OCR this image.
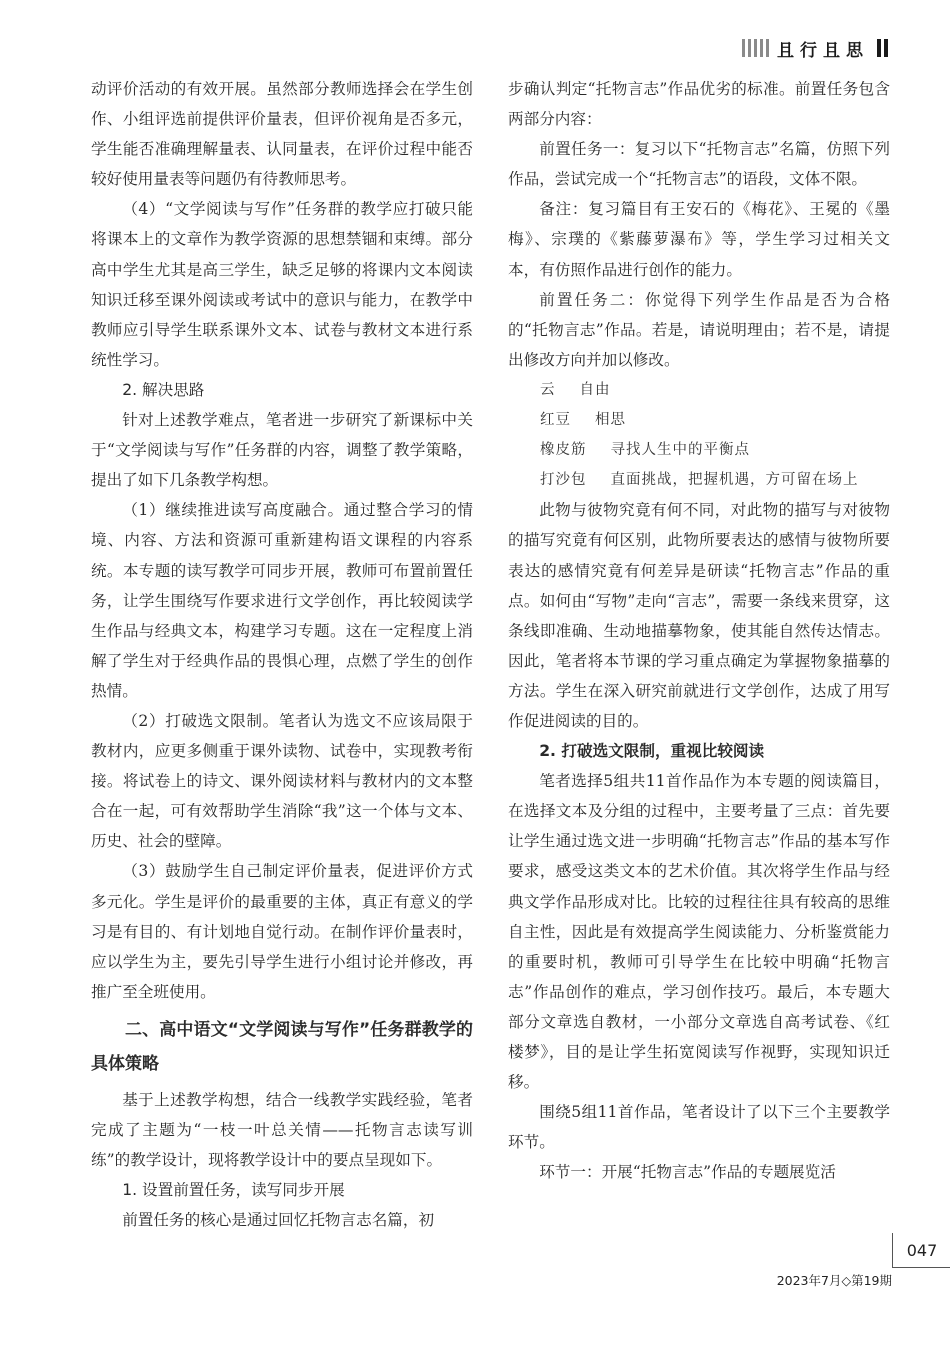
且行且思

动评价活动的有效开展。虽然部分教师选择会在学生创作、小组评选前提供评价量表，但评价视角是否多元，学生能否准确理解量表、认同量表，在评价过程中能否较好使用量表等问题仍有待教师思考。

（4）“文学阅读与写作”任务群的教学应打破只能将课本上的文章作为教学资源的思想禁锢和束缚。部分高中学生尤其是高三学生，缺乏足够的将课内文本阅读知识迁移至课外阅读或考试中的意识与能力，在教学中教师应引导学生联系课外文本、试卷与教材文本进行系统性学习。

2. 解决思路

针对上述教学难点，笔者进一步研究了新课标中关于“文学阅读与写作”任务群的内容，调整了教学策略，提出了如下几条教学构想。

（1）继续推进读写高度融合。通过整合学习的情境、内容、方法和资源可重新建构语文课程的内容系统。本专题的读写教学可同步开展，教师可布置前置任务，让学生围绕写作要求进行文学创作，再比较阅读学生作品与经典文本，构建学习专题。这在一定程度上消解了学生对于经典作品的畏惧心理，点燃了学生的创作热情。

（2）打破选文限制。笔者认为选文不应该局限于教材内，应更多侧重于课外读物、试卷中，实现教考衔接。将试卷上的诗文、课外阅读材料与教材内的文本整合在一起，可有效帮助学生消除“我”这一个体与文本、历史、社会的壁障。

（3）鼓励学生自己制定评价量表，促进评价方式多元化。学生是评价的最重要的主体，真正有意义的学习是有目的、有计划地自觉行动。在制作评价量表时，应以学生为主，要先引导学生进行小组讨论并修改，再推广至全班使用。

二、高中语文“文学阅读与写作”任务群教学的具体策略

基于上述教学构想，结合一线教学实践经验，笔者完成了主题为“一枝一叶总关情——托物言志读写训练”的教学设计，现将教学设计中的要点呈现如下。

1. 设置前置任务，读写同步开展

前置任务的核心是通过回忆托物言志名篇，初

步确认判定“托物言志”作品优劣的标准。前置任务包含两部分内容：

前置任务一：复习以下“托物言志”名篇，仿照下列作品，尝试完成一个“托物言志”的语段，文体不限。

备注：复习篇目有王安石的《梅花》、王冕的《墨梅》、宗璞的《紫藤萝瀑布》等，学生学习过相关文本，有仿照作品进行创作的能力。

前置任务二：你觉得下列学生作品是否为合格的“托物言志”作品。若是，请说明理由；若不是，请提出修改方向并加以修改。

云 自由
红豆 相思
橡皮筋 寻找人生中的平衡点
打沙包 直面挑战，把握机遇，方可留在场上

此物与彼物究竟有何不同，对此物的描写与对彼物的描写究竟有何区别，此物所要表达的感情与彼物所要表达的感情究竟有何差异是研读“托物言志”作品的重点。如何由“写物”走向“言志”，需要一条线来贯穿，这条线即准确、生动地描摹物象，使其能自然传达情志。因此，笔者将本节课的学习重点确定为掌握物象描摹的方法。学生在深入研究前就进行文学创作，达成了用写作促进阅读的目的。

2. 打破选文限制，重视比较阅读

笔者选择5组共11首作品作为本专题的阅读篇目，在选择文本及分组的过程中，主要考量了三点：首先要让学生通过选文进一步明确“托物言志”作品的基本写作要求，感受这类文本的艺术价值。其次将学生作品与经典文学作品形成对比。比较的过程往往具有较高的思维自主性，因此是有效提高学生阅读能力、分析鉴赏能力的重要时机，教师可引导学生在比较中明确“托物言志”作品创作的难点，学习创作技巧。最后，本专题大部分文章选自教材，一小部分文章选自高考试卷、《红楼梦》，目的是让学生拓宽阅读写作视野，实现知识迁移。

围绕5组11首作品，笔者设计了以下三个主要教学环节。

环节一：开展“托物言志”作品的专题展览活

047
2023年7月◇第19期
